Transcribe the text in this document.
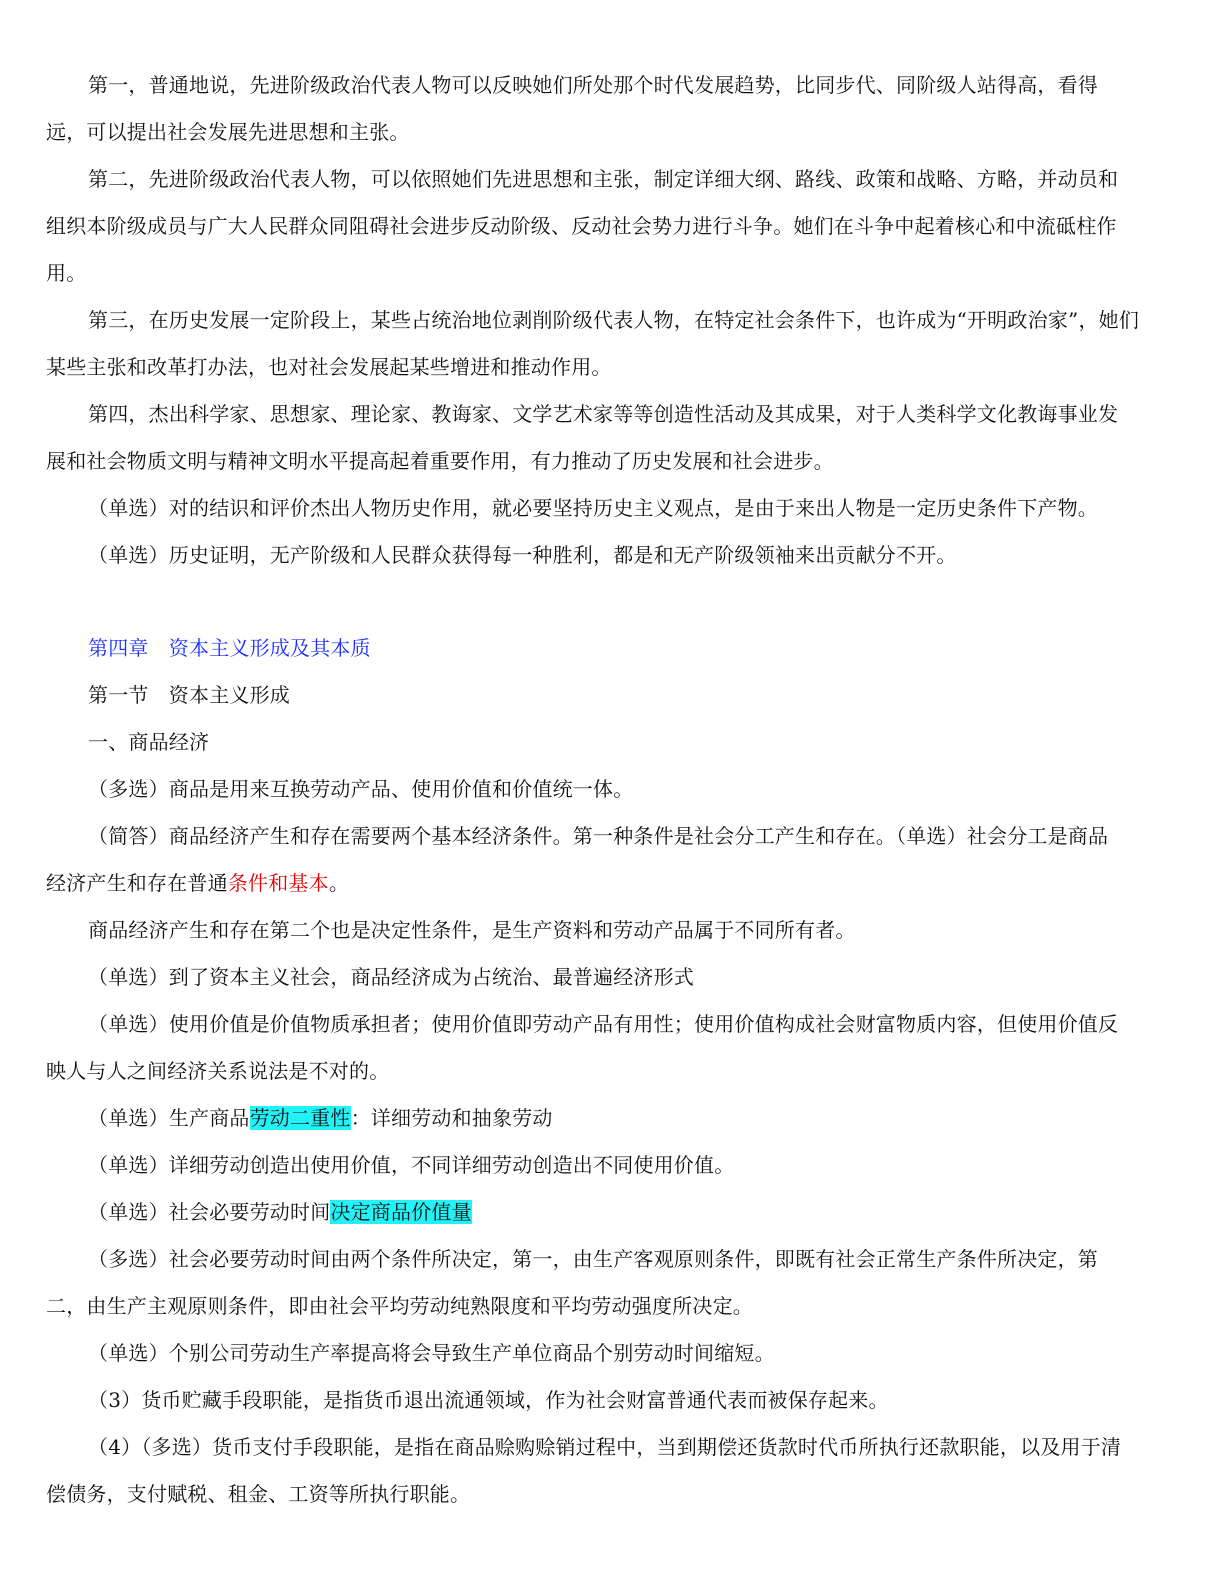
第一，普通地说，先进阶级政治代表人物可以反映她们所处那个时代发展趋势，比同步代、同阶级人站得高，看得
远，可以提出社会发展先进思想和主张。

第二，先进阶级政治代表人物，可以依照她们先进思想和主张，制定详细大纲、路线、政策和战略、方略，并动员和
组织本阶级成员与广大人民群众同阻碍社会进步反动阶级、反动社会势力进行斗争。她们在斗争中起着核心和中流砥柱作
用。

第三，在历史发展一定阶段上，某些占统治地位剥削阶级代表人物，在特定社会条件下，也许成为“开明政治家”，她们
某些主张和改革打办法，也对社会发展起某些增进和推动作用。

第四，杰出科学家、思想家、理论家、教诲家、文学艺术家等等创造性活动及其成果，对于人类科学文化教诲事业发
展和社会物质文明与精神文明水平提高起着重要作用，有力推动了历史发展和社会进步。

（单选）对的结识和评价杰出人物历史作用，就必要坚持历史主义观点，是由于来出人物是一定历史条件下产物。

（单选）历史证明，无产阶级和人民群众获得每一种胜利，都是和无产阶级领袖来出贡献分不开。

第四章　资本主义形成及其本质

第一节　资本主义形成

一、商品经济

（多选）商品是用来互换劳动产品、使用价值和价值统一体。

（简答）商品经济产生和存在需要两个基本经济条件。第一种条件是社会分工产生和存在。（单选）社会分工是商品
经济产生和存在普通条件和基本。

商品经济产生和存在第二个也是决定性条件，是生产资料和劳动产品属于不同所有者。

（单选）到了资本主义社会，商品经济成为占统治、最普遍经济形式

（单选）使用价值是价值物质承担者；使用价值即劳动产品有用性；使用价值构成社会财富物质内容，但使用价值反
映人与人之间经济关系说法是不对的。

（单选）生产商品劳动二重性：详细劳动和抽象劳动

（单选）详细劳动创造出使用价值，不同详细劳动创造出不同使用价值。

（单选）社会必要劳动时间决定商品价值量

（多选）社会必要劳动时间由两个条件所决定，第一，由生产客观原则条件，即既有社会正常生产条件所决定，第
二，由生产主观原则条件，即由社会平均劳动纯熟限度和平均劳动强度所决定。

（单选）个别公司劳动生产率提高将会导致生产单位商品个别劳动时间缩短。

（3）货币贮藏手段职能，是指货币退出流通领域，作为社会财富普通代表而被保存起来。

（4）（多选）货币支付手段职能，是指在商品赊购赊销过程中，当到期偿还货款时代币所执行还款职能，以及用于清
偿债务，支付赋税、租金、工资等所执行职能。
